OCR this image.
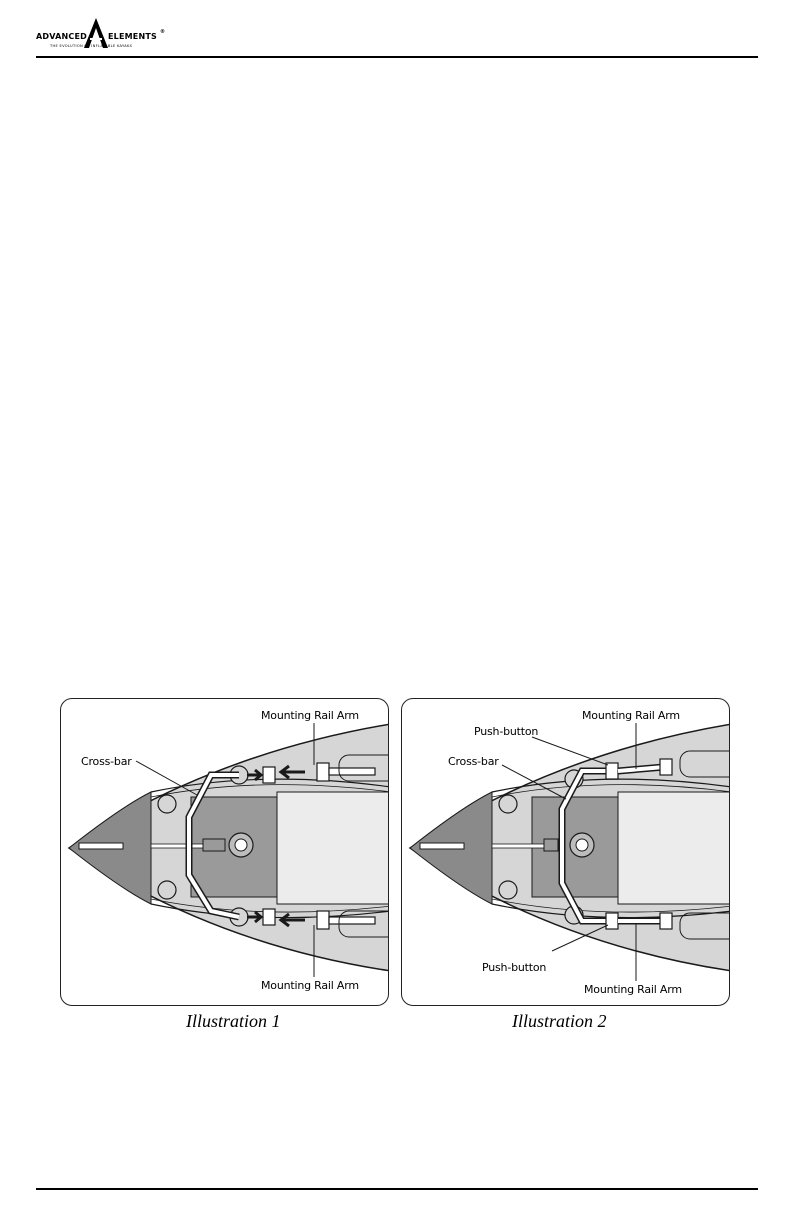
ADVANCED	ELEMENTS ®
THE EVOLUTION OF INFLATABLE KAYAKS
Mounting Rail Arm
Cross-bar
Mounting Rail Arm
Illustration 1
Push-button
Mounting Rail Arm
Cross-bar
Push-button
Mounting Rail Arm
Illustration 2
